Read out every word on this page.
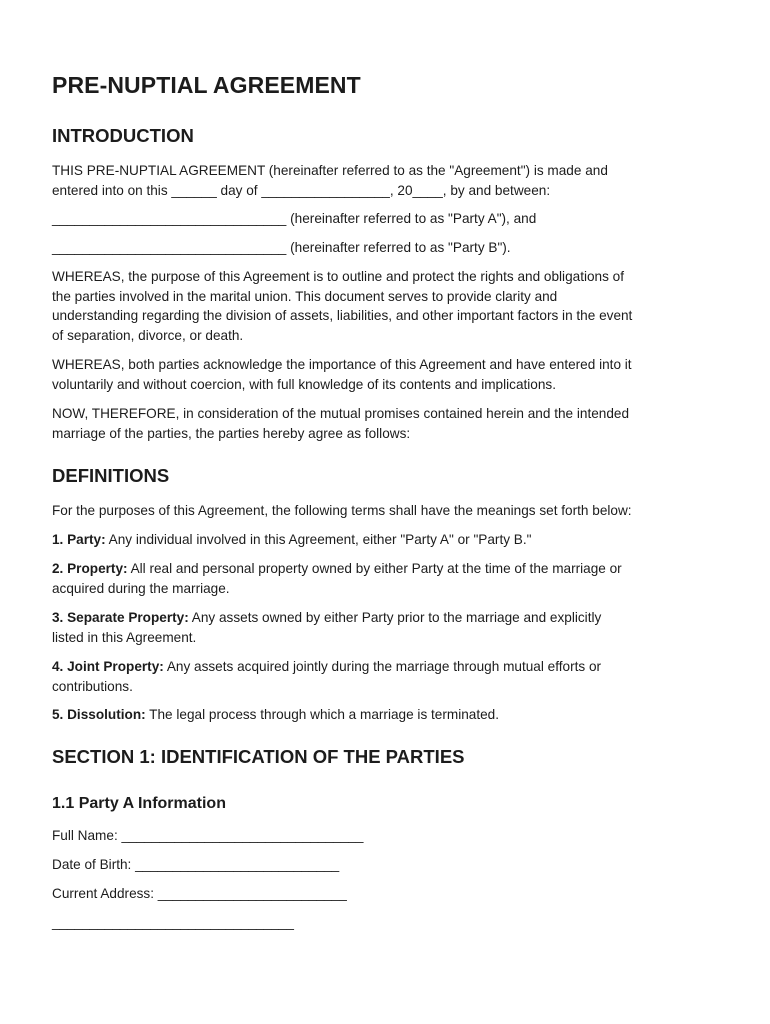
PRE-NUPTIAL AGREEMENT
INTRODUCTION

THIS PRE-NUPTIAL AGREEMENT (hereinafter referred to as the "Agreement") is made and
entered into on this ______ day of _________________, 20____, by and between:

_______________________________ (hereinafter referred to as "Party A"), and

_______________________________ (hereinafter referred to as "Party B").

WHEREAS, the purpose of this Agreement is to outline and protect the rights and obligations of
the parties involved in the marital union. This document serves to provide clarity and
understanding regarding the division of assets, liabilities, and other important factors in the event
of separation, divorce, or death.

WHEREAS, both parties acknowledge the importance of this Agreement and have entered into it
voluntarily and without coercion, with full knowledge of its contents and implications.

NOW, THEREFORE, in consideration of the mutual promises contained herein and the intended
marriage of the parties, the parties hereby agree as follows:

DEFINITIONS

For the purposes of this Agreement, the following terms shall have the meanings set forth below:

1. Party: Any individual involved in this Agreement, either "Party A" or "Party B."

2. Property: All real and personal property owned by either Party at the time of the marriage or
acquired during the marriage.

3. Separate Property: Any assets owned by either Party prior to the marriage and explicitly
listed in this Agreement.

4. Joint Property: Any assets acquired jointly during the marriage through mutual efforts or
contributions.

5. Dissolution: The legal process through which a marriage is terminated.

SECTION 1: IDENTIFICATION OF THE PARTIES
1.1 Party A Information

Full Name: ________________________________

Date of Birth: ___________________________

Current Address: _________________________

________________________________
